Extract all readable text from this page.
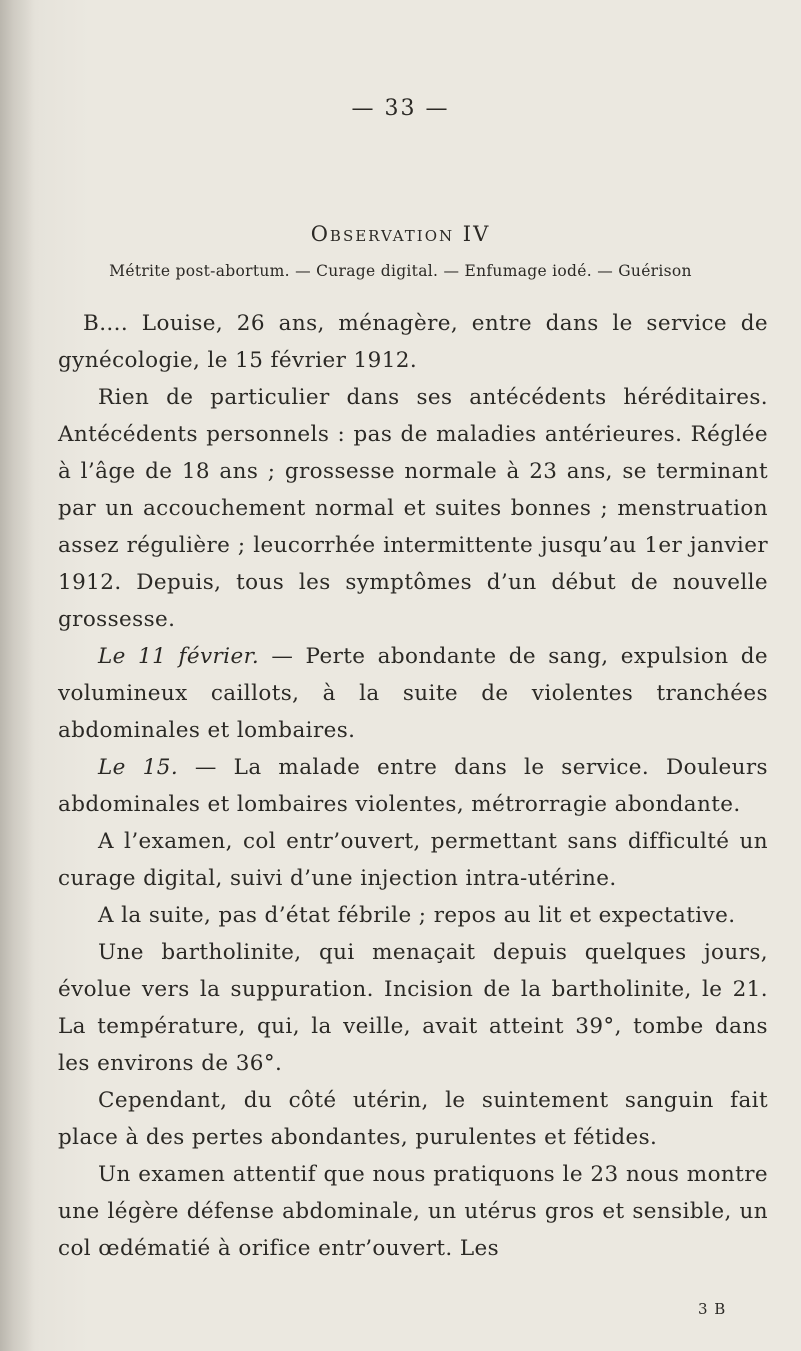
— 33 —
Observation IV
Métrite post-abortum. — Curage digital. — Enfumage iodé. — Guérison

B.... Louise, 26 ans, ménagère, entre dans le service de gynécologie, le 15 février 1912.

Rien de particulier dans ses antécédents héréditaires. Antécédents personnels : pas de maladies antérieures. Réglée à l’âge de 18 ans ; grossesse normale à 23 ans, se terminant par un accouchement normal et suites bonnes ; menstruation assez régulière ; leucorrhée intermittente jusqu’au 1er janvier 1912. Depuis, tous les symptômes d’un début de nouvelle grossesse.

Le 11 février. — Perte abondante de sang, expulsion de volumineux caillots, à la suite de violentes tranchées abdominales et lombaires.

Le 15. — La malade entre dans le service. Douleurs abdominales et lombaires violentes, métrorragie abondante.

A l’examen, col entr’ouvert, permettant sans difficulté un curage digital, suivi d’une injection intra-utérine.

A la suite, pas d’état fébrile ; repos au lit et expectative.

Une bartholinite, qui menaçait depuis quelques jours, évolue vers la suppuration. Incision de la bartholinite, le 21. La température, qui, la veille, avait atteint 39°, tombe dans les environs de 36°.

Cependant, du côté utérin, le suintement sanguin fait place à des pertes abondantes, purulentes et fétides.

Un examen attentif que nous pratiquons le 23 nous montre une légère défense abdominale, un utérus gros et sensible, un col œdématié à orifice entr’ouvert. Les

3 B
